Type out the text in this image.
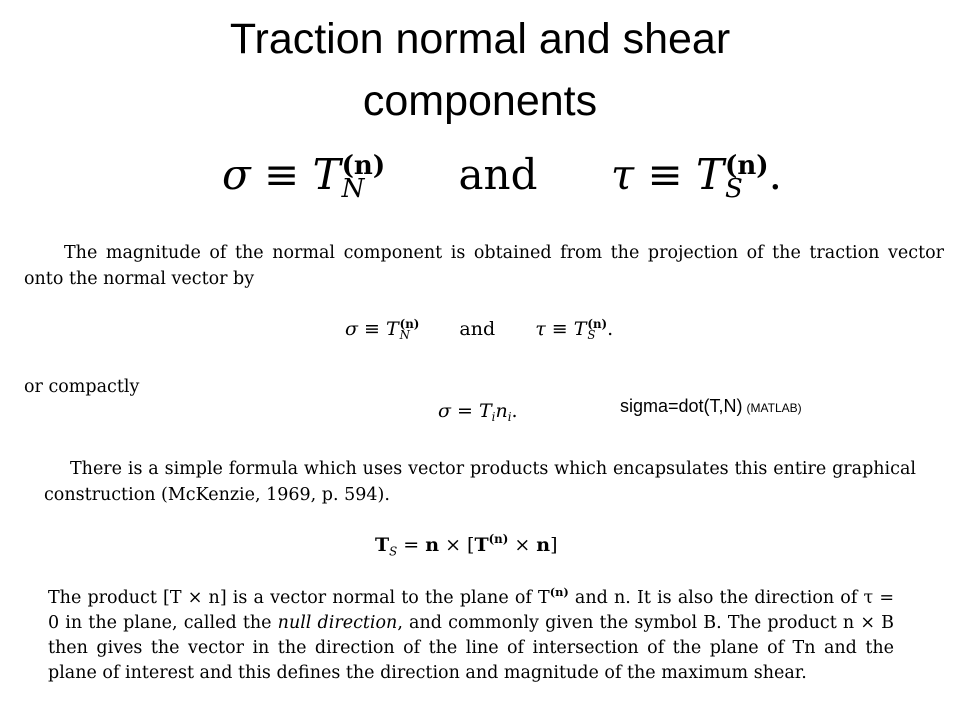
Traction normal and shear
components
σ ≡ T (n)
N	and τ ≡ T (n)
S .
The magnitude of the normal component is obtained from the projection of the traction vector onto the normal vector by
σ ≡ T (n)
N	and τ ≡ T (n)
S .
or compactly
$\sigma = T_in_i$.	sigma=dot(T,N) (MATLAB)
There is a simple formula which uses vector products which encapsulates this entire graphical construction (McKenzie, 1969, p. 594).
$T_S = n \times [T^{(n)} \times n]$
The product [T × n] is a vector normal to the plane of $T^{(n)}$ and n. It is also the direction of τ = 0 in the plane, called the null direction, and commonly given the symbol B. The product n × B then gives the vector in the direction of the line of intersection of the plane of Tn and the plane of interest and this defines the direction and magnitude of the maximum shear.
